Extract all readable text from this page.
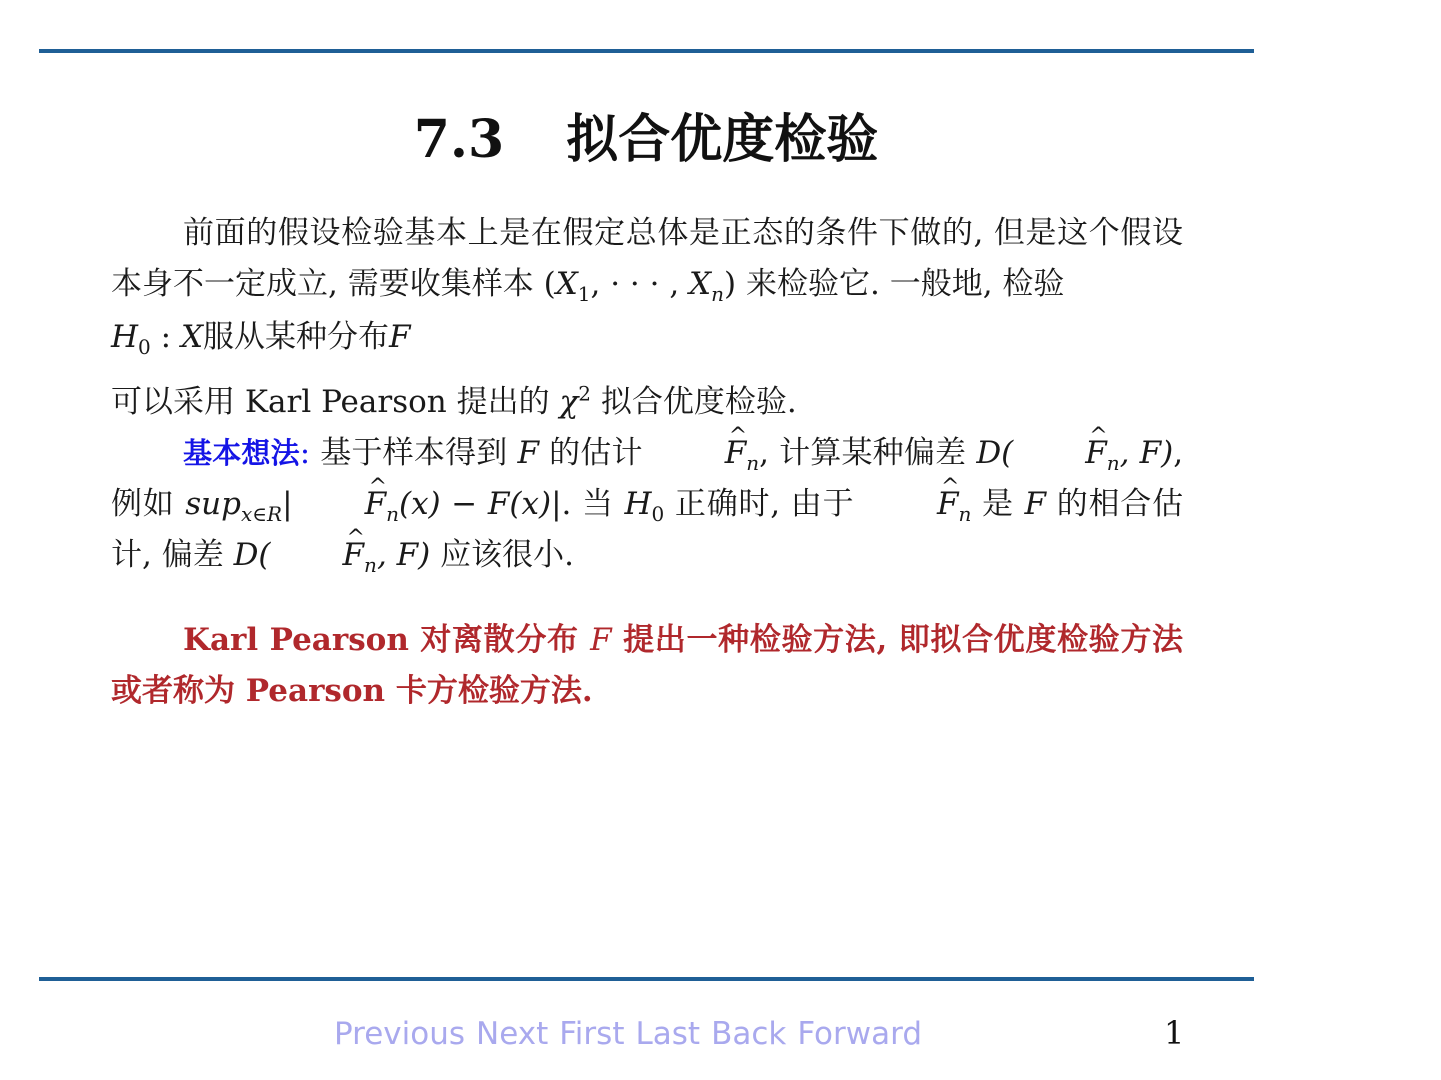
7.3 拟合优度检验

前面的假设检验基本上是在假定总体是正态的条件下做的, 但是这个假设本身不一定成立, 需要收集样本 ($X_1$, · · · , $X_n$) 来检验它. 一般地, 检验

$H_0$ : X服从某种分布F

可以采用 Karl Pearson 提出的 $\chi^2$ 拟合优度检验.

基本想法: 基于样本得到 F 的估计	^ $F_n$, 计算某种偏差 D( ^ $F_n$, F), 例如 sup$_{x\in R}$| ^ $F_n(x) - F(x)|$. 当 $H_0$ 正确时, 由于	^ $F_n$ 是 F 的相合估计, 偏差 D( ^ $F_n$, F) 应该很小.

Karl Pearson 对离散分布 F 提出一种检验方法, 即拟合优度检验方法或者称为 Pearson 卡方检验方法.

Previous Next First Last Back Forward	1
